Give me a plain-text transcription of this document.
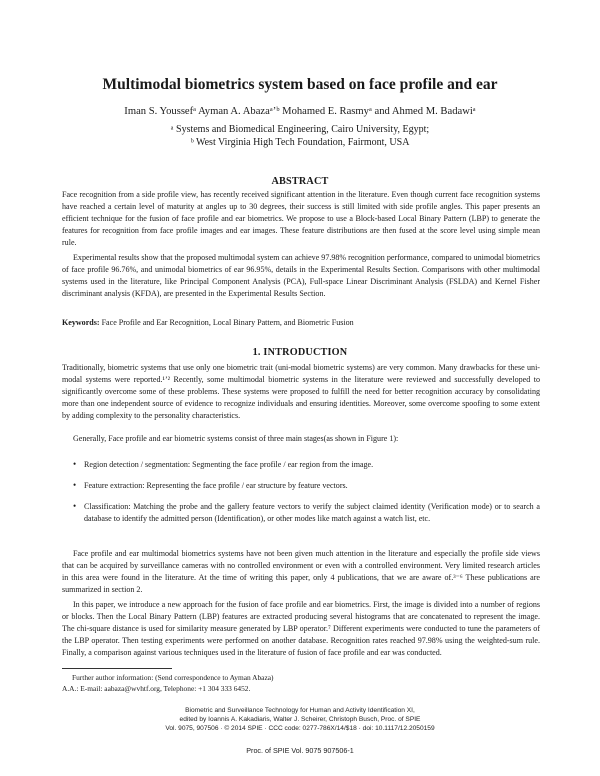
Multimodal biometrics system based on face profile and ear
Iman S. Youssefᵃ Ayman A. Abazaᵃʼᵇ Mohamed E. Rasmyᵃ and Ahmed M. Badawiᵃ
ᵃ Systems and Biomedical Engineering, Cairo University, Egypt;
ᵇ West Virginia High Tech Foundation, Fairmont, USA
ABSTRACT
Face recognition from a side profile view, has recently received significant attention in the literature. Even though current face recognition systems have reached a certain level of maturity at angles up to 30 degrees, their success is still limited with side profile angles. This paper presents an efficient technique for the fusion of face profile and ear biometrics. We propose to use a Block-based Local Binary Pattern (LBP) to generate the features for recognition from face profile images and ear images. These feature distributions are then fused at the score level using simple mean rule.
Experimental results show that the proposed multimodal system can achieve 97.98% recognition performance, compared to unimodal biometrics of face profile 96.76%, and unimodal biometrics of ear 96.95%, details in the Experimental Results Section. Comparisons with other multimodal systems used in the literature, like Principal Component Analysis (PCA), Full-space Linear Discriminant Analysis (FSLDA) and Kernel Fisher discriminant analysis (KFDA), are presented in the Experimental Results Section.
Keywords: Face Profile and Ear Recognition, Local Binary Pattern, and Biometric Fusion
1. INTRODUCTION
Traditionally, biometric systems that use only one biometric trait (uni-modal biometric systems) are very common. Many drawbacks for these uni-modal systems were reported.¹ʼ² Recently, some multimodal biometric systems in the literature were reviewed and successfully developed to significantly overcome some of these problems. These systems were proposed to fulfill the need for better recognition accuracy by consolidating more than one independent source of evidence to recognize individuals and ensuring identities. Moreover, some overcome spoofing to some extent by adding complexity to the personality characteristics.
Generally, Face profile and ear biometric systems consist of three main stages(as shown in Figure 1):
• Region detection / segmentation: Segmenting the face profile / ear region from the image.
• Feature extraction: Representing the face profile / ear structure by feature vectors.
• Classification: Matching the probe and the gallery feature vectors to verify the subject claimed identity (Verification mode) or to search a database to identify the admitted person (Identification), or other modes like match against a watch list, etc.
Face profile and ear multimodal biometrics systems have not been given much attention in the literature and especially the profile side views that can be acquired by surveillance cameras with no controlled environment or even with a controlled environment. Very limited research articles in this area were found in the literature. At the time of writing this paper, only 4 publications, that we are aware of.³⁻⁶ These publications are summarized in section 2.
In this paper, we introduce a new approach for the fusion of face profile and ear biometrics. First, the image is divided into a number of regions or blocks. Then the Local Binary Pattern (LBP) features are extracted producing several histograms that are concatenated to represent the image. The chi-square distance is used for similarity measure generated by LBP operator.⁷ Different experiments were conducted to tune the parameters of the LBP operator. Then testing experiments were performed on another database. Recognition rates reached 97.98% using the weighted-sum rule. Finally, a comparison against various techniques used in the literature of fusion of face profile and ear was conducted.
Further author information: (Send correspondence to Ayman Abaza)
A.A.: E-mail: aabaza@wvhtf.org, Telephone: +1 304 333 6452.
Biometric and Surveillance Technology for Human and Activity Identification XI,
edited by Ioannis A. Kakadiaris, Walter J. Scheirer, Christoph Busch, Proc. of SPIE
Vol. 9075, 907506 · © 2014 SPIE · CCC code: 0277-786X/14/$18 · doi: 10.1117/12.2050159
Proc. of SPIE Vol. 9075 907506-1
